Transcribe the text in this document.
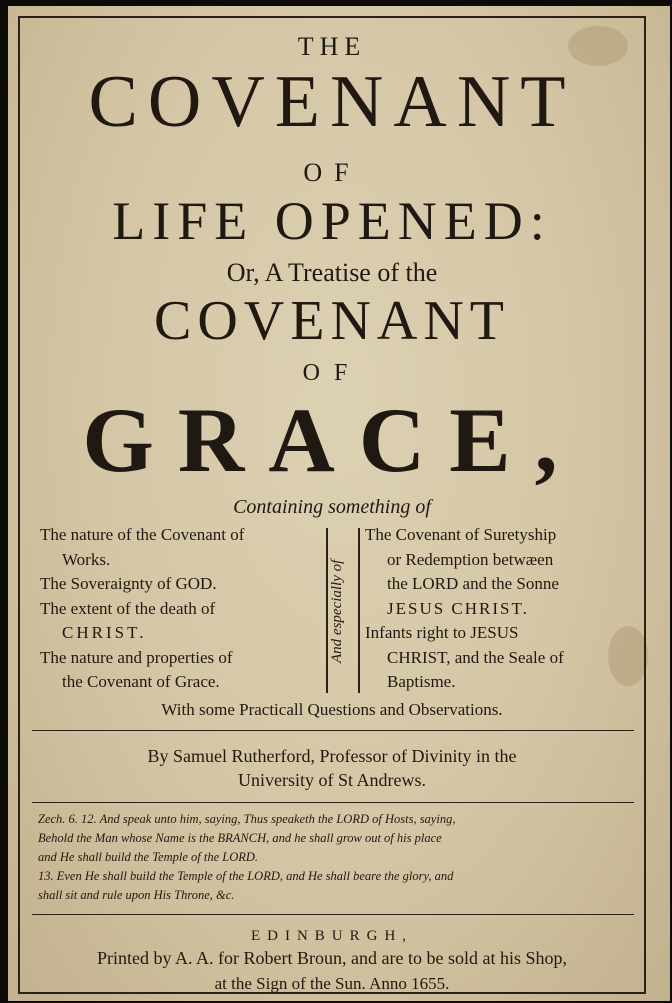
THE
COVENANT
OF
LIFE OPENED:
Or, A Treatise of the
COVENANT
OF
GRACE,
Containing something of
The nature of the Covenant of
Works.
The Soveraignty of GOD.
The extent of the death of
CHRIST.
The nature and properties of
the Covenant of Grace.
And especially of
The Covenant of Suretyship
or Redemption betwæen
the LORD and the Sonne
JESUS CHRIST.
Infants right to JESUS
CHRIST, and the Seale of
Baptisme.
With some Practicall Questions and Observations.
By Samuel Rutherford, Professor of Divinity in the
University of St Andrews.
Zech. 6. 12. And speak unto him, saying, Thus speaketh the LORD of Hosts, saying,
Behold the Man whose Name is the BRANCH, and he shall grow out of his place
and He shall build the Temple of the LORD.
13. Even He shall build the Temple of the LORD, and He shall beare the glory, and
shall sit and rule upon His Throne, &c.
EDINBURGH,
Printed by A. A. for Robert Broun, and are to be sold at his Shop,
at the Sign of the Sun. Anno 1655.
